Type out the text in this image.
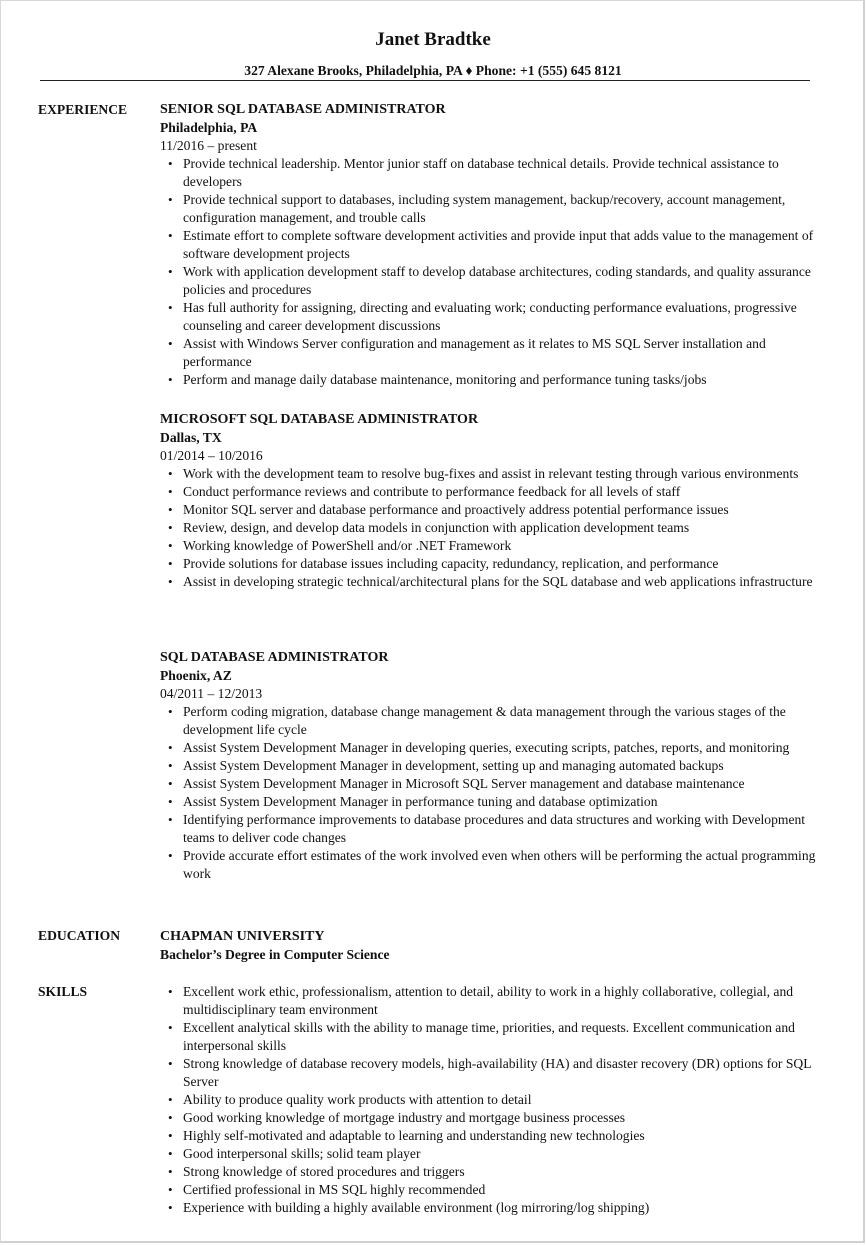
Janet Bradtke
327 Alexane Brooks, Philadelphia, PA ♦ Phone: +1 (555) 645 8121
EXPERIENCE SENIOR SQL DATABASE ADMINISTRATOR
Philadelphia, PA
11/2016 – present
• Provide technical leadership. Mentor junior staff on database technical details. Provide technical assistance to developers
• Provide technical support to databases, including system management, backup/recovery, account management, configuration management, and trouble calls
• Estimate effort to complete software development activities and provide input that adds value to the management of software development projects
• Work with application development staff to develop database architectures, coding standards, and quality assurance policies and procedures
• Has full authority for assigning, directing and evaluating work; conducting performance evaluations, progressive counseling and career development discussions
• Assist with Windows Server configuration and management as it relates to MS SQL Server installation and performance
• Perform and manage daily database maintenance, monitoring and performance tuning tasks/jobs
MICROSOFT SQL DATABASE ADMINISTRATOR
Dallas, TX
01/2014 – 10/2016
• Work with the development team to resolve bug-fixes and assist in relevant testing through various environments
• Conduct performance reviews and contribute to performance feedback for all levels of staff
• Monitor SQL server and database performance and proactively address potential performance issues
• Review, design, and develop data models in conjunction with application development teams
• Working knowledge of PowerShell and/or .NET Framework
• Provide solutions for database issues including capacity, redundancy, replication, and performance
• Assist in developing strategic technical/architectural plans for the SQL database and web applications infrastructure
SQL DATABASE ADMINISTRATOR
Phoenix, AZ
04/2011 – 12/2013
• Perform coding migration, database change management & data management through the various stages of the development life cycle
• Assist System Development Manager in developing queries, executing scripts, patches, reports, and monitoring
• Assist System Development Manager in development, setting up and managing automated backups
• Assist System Development Manager in Microsoft SQL Server management and database maintenance
• Assist System Development Manager in performance tuning and database optimization
• Identifying performance improvements to database procedures and data structures and working with Development teams to deliver code changes
• Provide accurate effort estimates of the work involved even when others will be performing the actual programming work
EDUCATION	CHAPMAN UNIVERSITY
Bachelor’s Degree in Computer Science
SKILLS
•	Excellent work ethic, professionalism, attention to detail, ability to work in a highly collaborative, collegial, and multidisciplinary team environment
• Excellent analytical skills with the ability to manage time, priorities, and requests. Excellent communication and interpersonal skills
• Strong knowledge of database recovery models, high-availability (HA) and disaster recovery (DR) options for SQL Server
• Ability to produce quality work products with attention to detail
• Good working knowledge of mortgage industry and mortgage business processes
• Highly self-motivated and adaptable to learning and understanding new technologies
• Good interpersonal skills; solid team player
• Strong knowledge of stored procedures and triggers
• Certified professional in MS SQL highly recommended
• Experience with building a highly available environment (log mirroring/log shipping)
